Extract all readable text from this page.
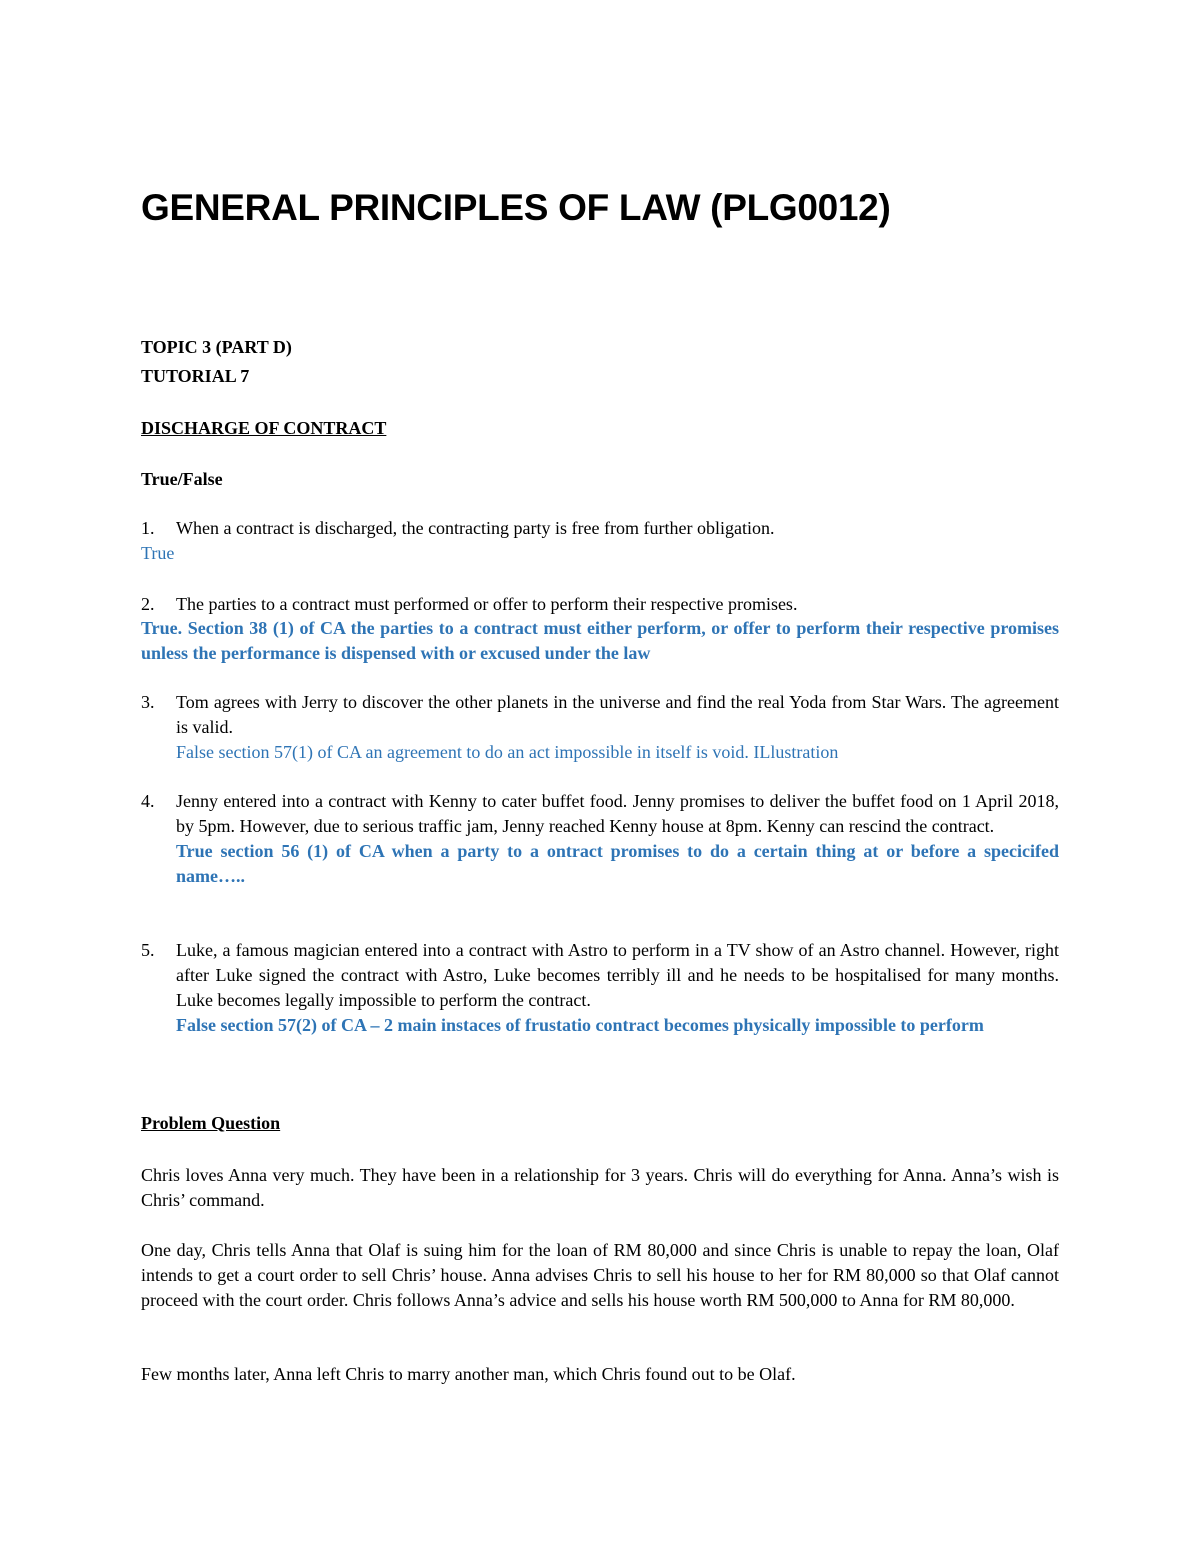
GENERAL PRINCIPLES OF LAW (PLG0012)

TOPIC 3 (PART D)

TUTORIAL 7

DISCHARGE OF CONTRACT

True/False

1.	When a contract is discharged, the contracting party is free from further obligation.

True

2.	The parties to a contract must performed or offer to perform their respective promises.

True. Section 38 (1) of CA the parties to a contract must either perform, or offer to perform their respective promises unless the performance is dispensed with or excused under the law

3.	Tom agrees with Jerry to discover the other planets in the universe and find the real Yoda from Star Wars. The agreement is valid.

False section 57(1) of CA an agreement to do an act impossible in itself is void. ILlustration

4.	Jenny entered into a contract with Kenny to cater buffet food. Jenny promises to deliver the buffet food on 1 April 2018, by 5pm. However, due to serious traffic jam, Jenny reached Kenny house at 8pm. Kenny can rescind the contract.

True section 56 (1) of CA when a party to a ontract promises to do a certain thing at or before a specicifed name…..

5.	Luke, a famous magician entered into a contract with Astro to perform in a TV show of an Astro channel. However, right after Luke signed the contract with Astro, Luke becomes terribly ill and he needs to be hospitalised for many months. Luke becomes legally impossible to perform the contract.

False section 57(2) of CA – 2 main instaces of frustatio contract becomes physically impossible to perform

Problem Question

Chris loves Anna very much. They have been in a relationship for 3 years. Chris will do everything for Anna. Anna’s wish is Chris’ command.

One day, Chris tells Anna that Olaf is suing him for the loan of RM 80,000 and since Chris is unable to repay the loan, Olaf intends to get a court order to sell Chris’ house. Anna advises Chris to sell his house to her for RM 80,000 so that Olaf cannot proceed with the court order. Chris follows Anna’s advice and sells his house worth RM 500,000 to Anna for RM 80,000.

Few months later, Anna left Chris to marry another man, which Chris found out to be Olaf.
